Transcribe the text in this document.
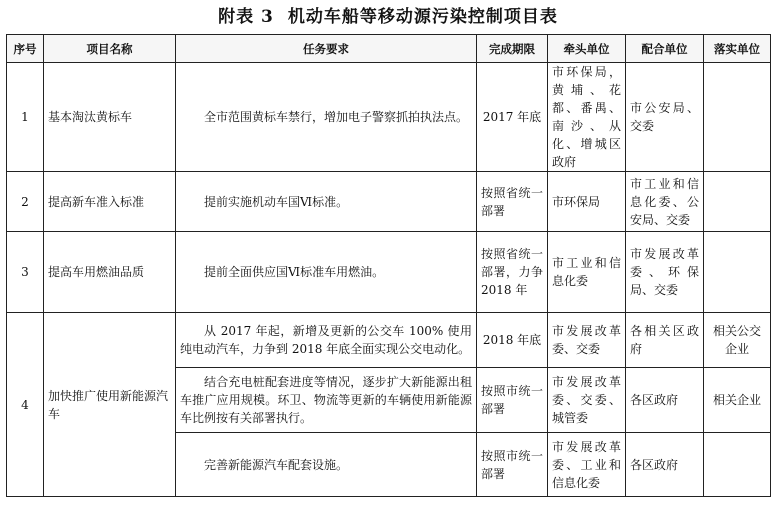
附表 3 机动车船等移动源污染控制项目表
序号	项目名称	任务要求	完成期限	牵头单位	配合单位	落实单位
1	基本淘汰黄标车	全市范围黄标车禁行，增加电子警察抓拍执法点。	2017 年底	市环保局，黄埔、花都、番禺、南沙、从化、增城区政府	市公安局、交委	
2	提高新车准入标准	提前实施机动车国Ⅵ标准。	按照省统一部署	市环保局	市工业和信息化委、公安局、交委	
3	提高车用燃油品质	提前全面供应国Ⅵ标准车用燃油。	按照省统一部署，力争 2018 年	市工业和信息化委	市发展改革委、环保局、交委	
4	加快推广使用新能源汽车	从 2017 年起，新增及更新的公交车 100% 使用纯电动汽车，力争到 2018 年底全面实现公交电动化。	2018 年底	市发展改革委、交委	各相关区政府	相关公交企业
		结合充电桩配套进度等情况，逐步扩大新能源出租车推广应用规模。环卫、物流等更新的车辆使用新能源车比例按有关部署执行。	按照市统一部署	市发展改革委、交委、城管委	各区政府	相关企业
		完善新能源汽车配套设施。	按照市统一部署	市发展改革委、工业和信息化委	各区政府	
